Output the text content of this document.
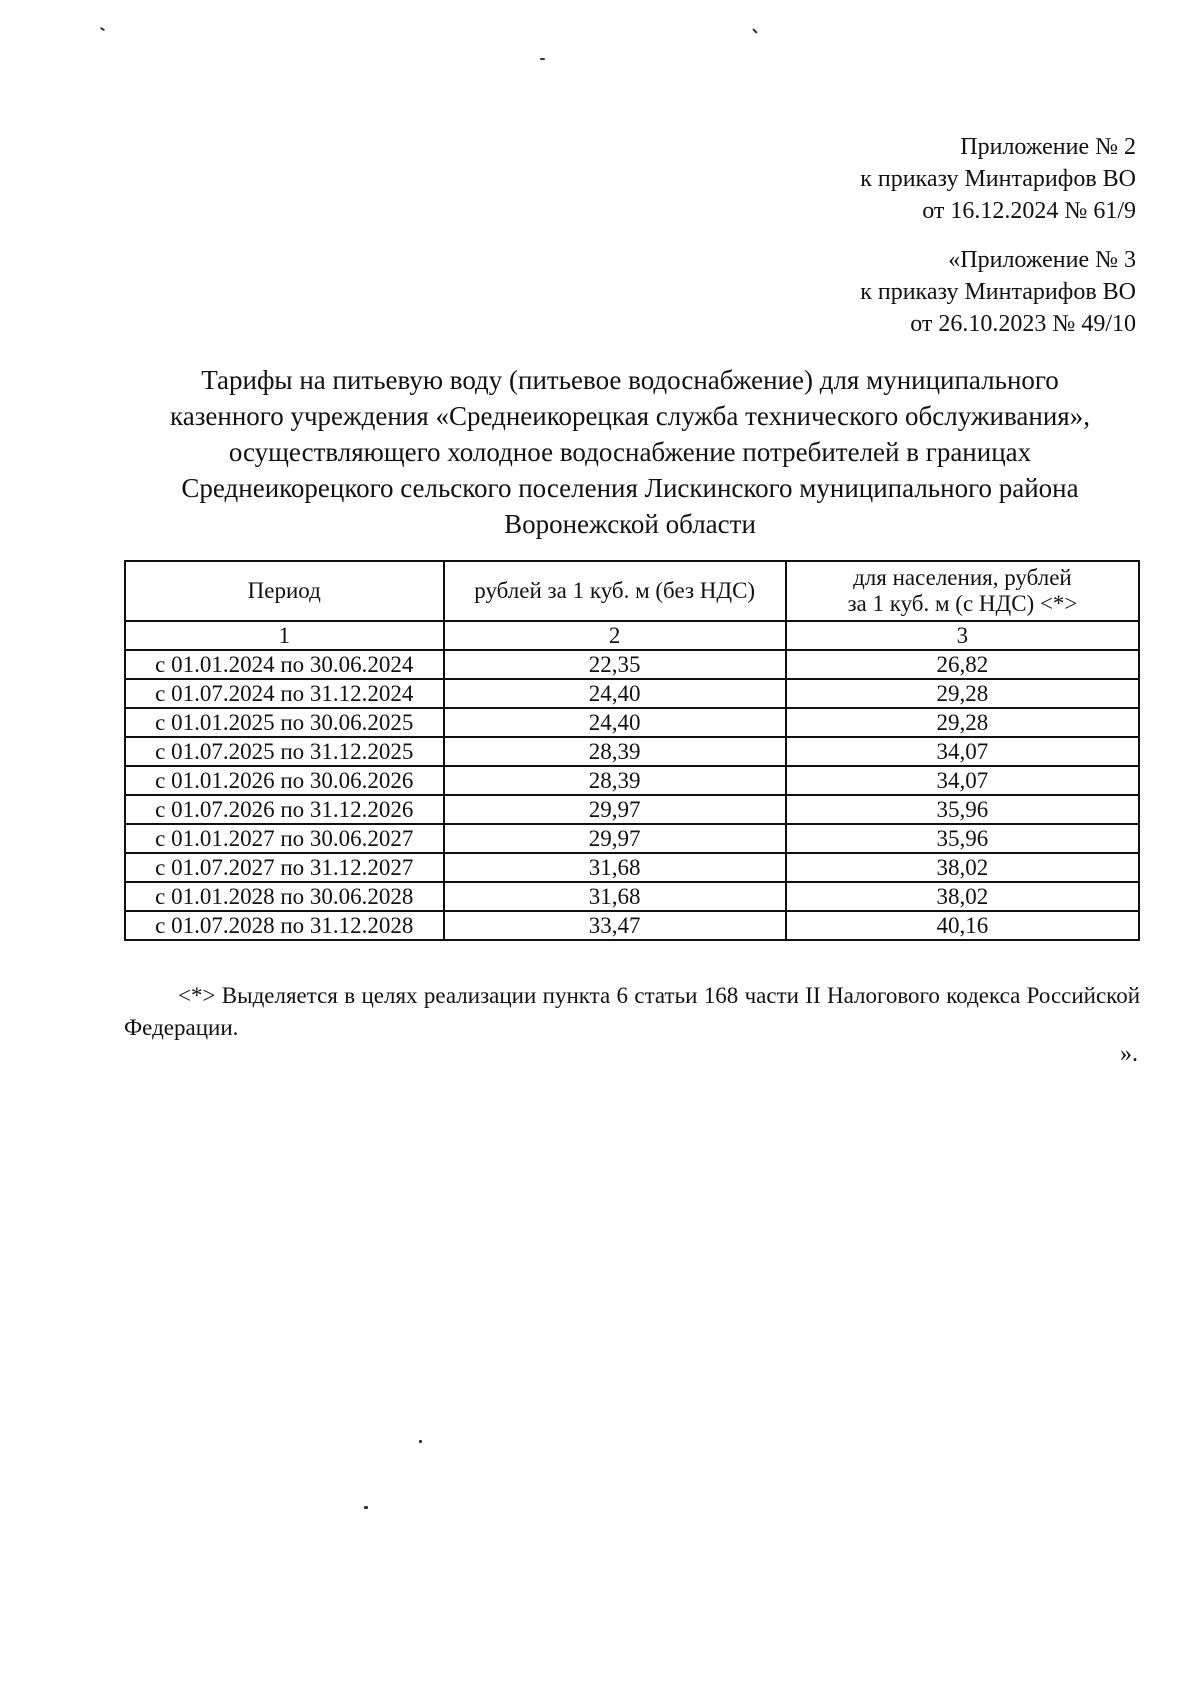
Приложение № 2
к приказу Минтарифов ВО
от 16.12.2024 № 61/9
«Приложение № 3
к приказу Минтарифов ВО
от 26.10.2023 № 49/10
Тарифы на питьевую воду (питьевое водоснабжение) для муниципального
казенного учреждения «Среднеикорецкая служба технического обслуживания»,
осуществляющего холодное водоснабжение потребителей в границах
Среднеикорецкого сельского поселения Лискинского муниципального района
Воронежской области
Период	рублей за 1 куб. м (без НДС)	для населения, рублей
за 1 куб. м (с НДС) <*>

1	2	3
с 01.01.2024 по 30.06.2024	22,35	26,82
с 01.07.2024 по 31.12.2024	24,40	29,28
с 01.01.2025 по 30.06.2025	24,40	29,28
с 01.07.2025 по 31.12.2025	28,39	34,07
с 01.01.2026 по 30.06.2026	28,39	34,07
с 01.07.2026 по 31.12.2026	29,97	35,96
с 01.01.2027 по 30.06.2027	29,97	35,96
с 01.07.2027 по 31.12.2027	31,68	38,02
с 01.01.2028 по 30.06.2028	31,68	38,02
с 01.07.2028 по 31.12.2028	33,47	40,16
<*> Выделяется в целях реализации пункта 6 статьи 168 части II Налогового кодекса Российской Федерации.
».
